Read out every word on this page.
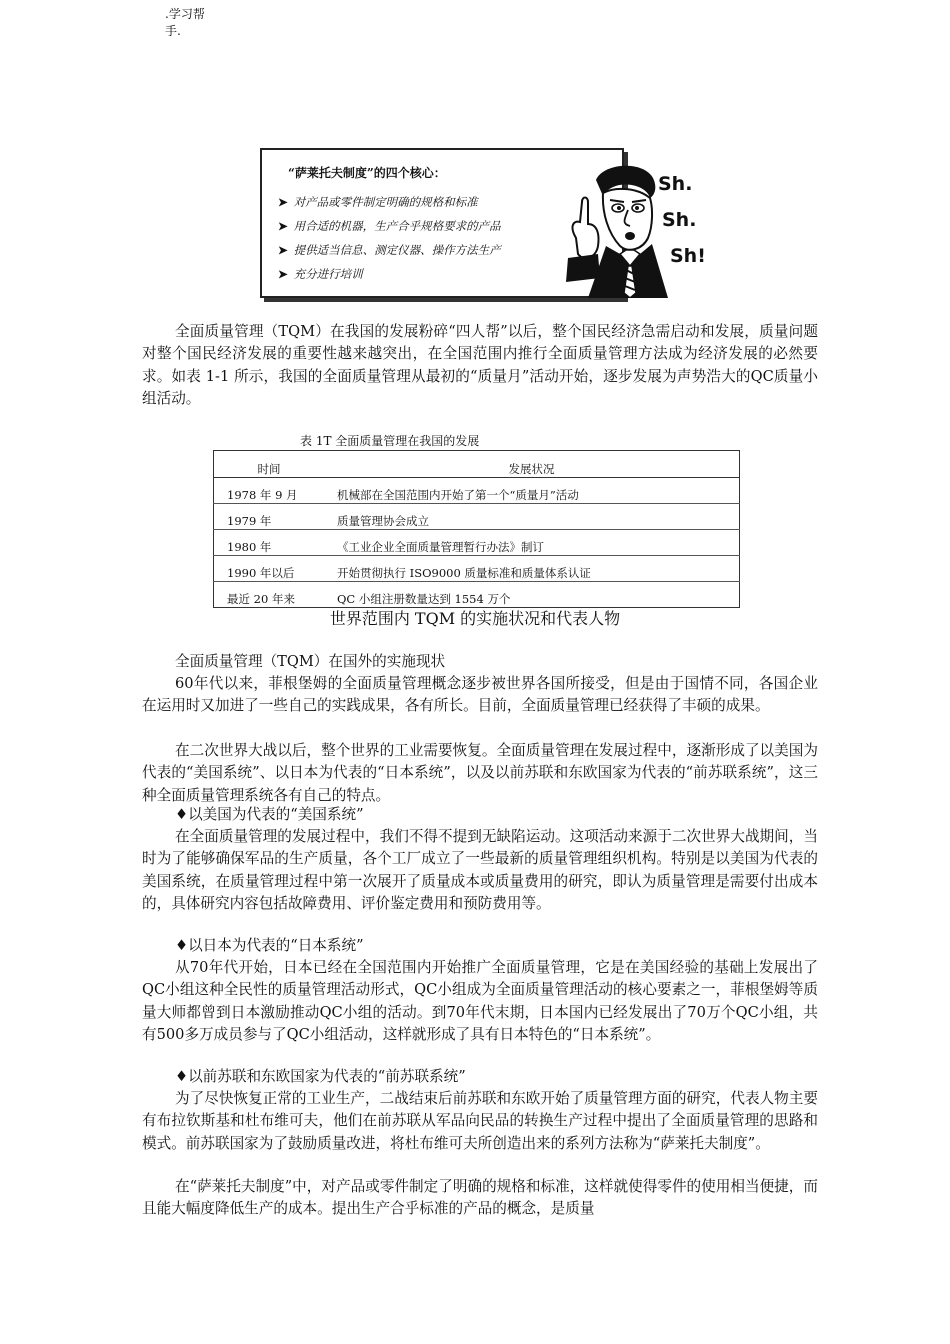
.学习帮
手.
“萨莱托夫制度”的四个核心：
➤ 对产品或零件制定明确的规格和标准
➤ 用合适的机器，生产合乎规格要求的产品
➤ 提供适当信息、测定仪器、操作方法生产
➤ 充分进行培训
Sh.
Sh.
Sh!

全面质量管理（TQM）在我国的发展粉碎“四人帮”以后，整个国民经济急需启动和发展，质量问题对整个国民经济发展的重要性越来越突出，在全国范围内推行全面质量管理方法成为经济发展的必然要求。如表 1-1 所示，我国的全面质量管理从最初的“质量月”活动开始，逐步发展为声势浩大的QC质量小组活动。

表 1T 全面质量管理在我国的发展
时间	发展状况
1978 年 9 月	机械部在全国范围内开始了第一个“质量月”活动
1979 年	质量管理协会成立
1980 年	《工业企业全面质量管理暂行办法》制订
1990 年以后	开始贯彻执行 ISO9000 质量标准和质量体系认证
最近 20 年来	QC 小组注册数量达到 1554 万个
世界范围内 TQM 的实施状况和代表人物
全面质量管理（TQM）在国外的实施现状

60年代以来，菲根堡姆的全面质量管理概念逐步被世界各国所接受，但是由于国情不同，各国企业在运用时又加进了一些自己的实践成果，各有所长。目前，全面质量管理已经获得了丰硕的成果。

在二次世界大战以后，整个世界的工业需要恢复。全面质量管理在发展过程中，逐渐形成了以美国为代表的“美国系统”、以日本为代表的“日本系统”，以及以前苏联和东欧国家为代表的“前苏联系统”，这三种全面质量管理系统各有自己的特点。

♦以美国为代表的“美国系统”

在全面质量管理的发展过程中，我们不得不提到无缺陷运动。这项活动来源于二次世界大战期间，当时为了能够确保军品的生产质量，各个工厂成立了一些最新的质量管理组织机构。特别是以美国为代表的美国系统，在质量管理过程中第一次展开了质量成本或质量费用的研究，即认为质量管理是需要付出成本的，具体研究内容包括故障费用、评价鉴定费用和预防费用等。

♦以日本为代表的“日本系统”

从70年代开始，日本已经在全国范围内开始推广全面质量管理，它是在美国经验的基础上发展出了QC小组这种全民性的质量管理活动形式，QC小组成为全面质量管理活动的核心要素之一，菲根堡姆等质量大师都曾到日本激励推动QC小组的活动。到70年代末期，日本国内已经发展出了70万个QC小组，共有500多万成员参与了QC小组活动，这样就形成了具有日本特色的“日本系统”。

♦以前苏联和东欧国家为代表的“前苏联系统”

为了尽快恢复正常的工业生产，二战结束后前苏联和东欧开始了质量管理方面的研究，代表人物主要有布拉钦斯基和杜布维可夫，他们在前苏联从军品向民品的转换生产过程中提出了全面质量管理的思路和模式。前苏联国家为了鼓励质量改进，将杜布维可夫所创造出来的系列方法称为“萨莱托夫制度”。

在“萨莱托夫制度”中，对产品或零件制定了明确的规格和标准，这样就使得零件的使用相当便捷，而且能大幅度降低生产的成本。提出生产合乎标准的产品的概念，是质量
